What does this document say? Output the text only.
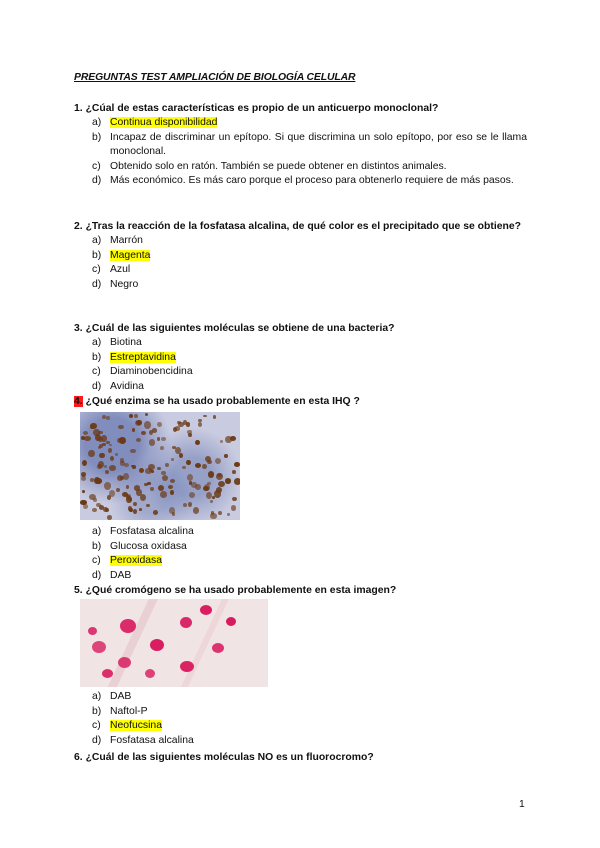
PREGUNTAS TEST AMPLIACIÓN DE BIOLOGÍA CELULAR
1. ¿Cúal de estas características es propio de un anticuerpo monoclonal?
a) Continua disponibilidad
b) Incapaz de discriminar un epítopo. Si que discrimina un solo epítopo, por eso se le llama monoclonal.
c) Obtenido solo en ratón. También se puede obtener en distintos animales.
d) Más económico. Es más caro porque el proceso para obtenerlo requiere de más pasos.
2. ¿Tras la reacción de la fosfatasa alcalina, de qué color es el precipitado que se obtiene?
a) Marrón
b) Magenta
c) Azul
d) Negro
3. ¿Cuál de las siguientes moléculas se obtiene de una bacteria?
a) Biotina
b) Estreptavidina
c) Diaminobencidina
d) Avidina
4. ¿Qué enzima se ha usado probablemente en esta IHQ ?
a) Fosfatasa alcalina
b) Glucosa oxidasa
c) Peroxidasa
d) DAB
5. ¿Qué cromógeno se ha usado probablemente en esta imagen?
a) DAB
b) Naftol-P
c) Neofucsina
d) Fosfatasa alcalina
6. ¿Cuál de las siguientes moléculas NO es un fluorocromo?
1
